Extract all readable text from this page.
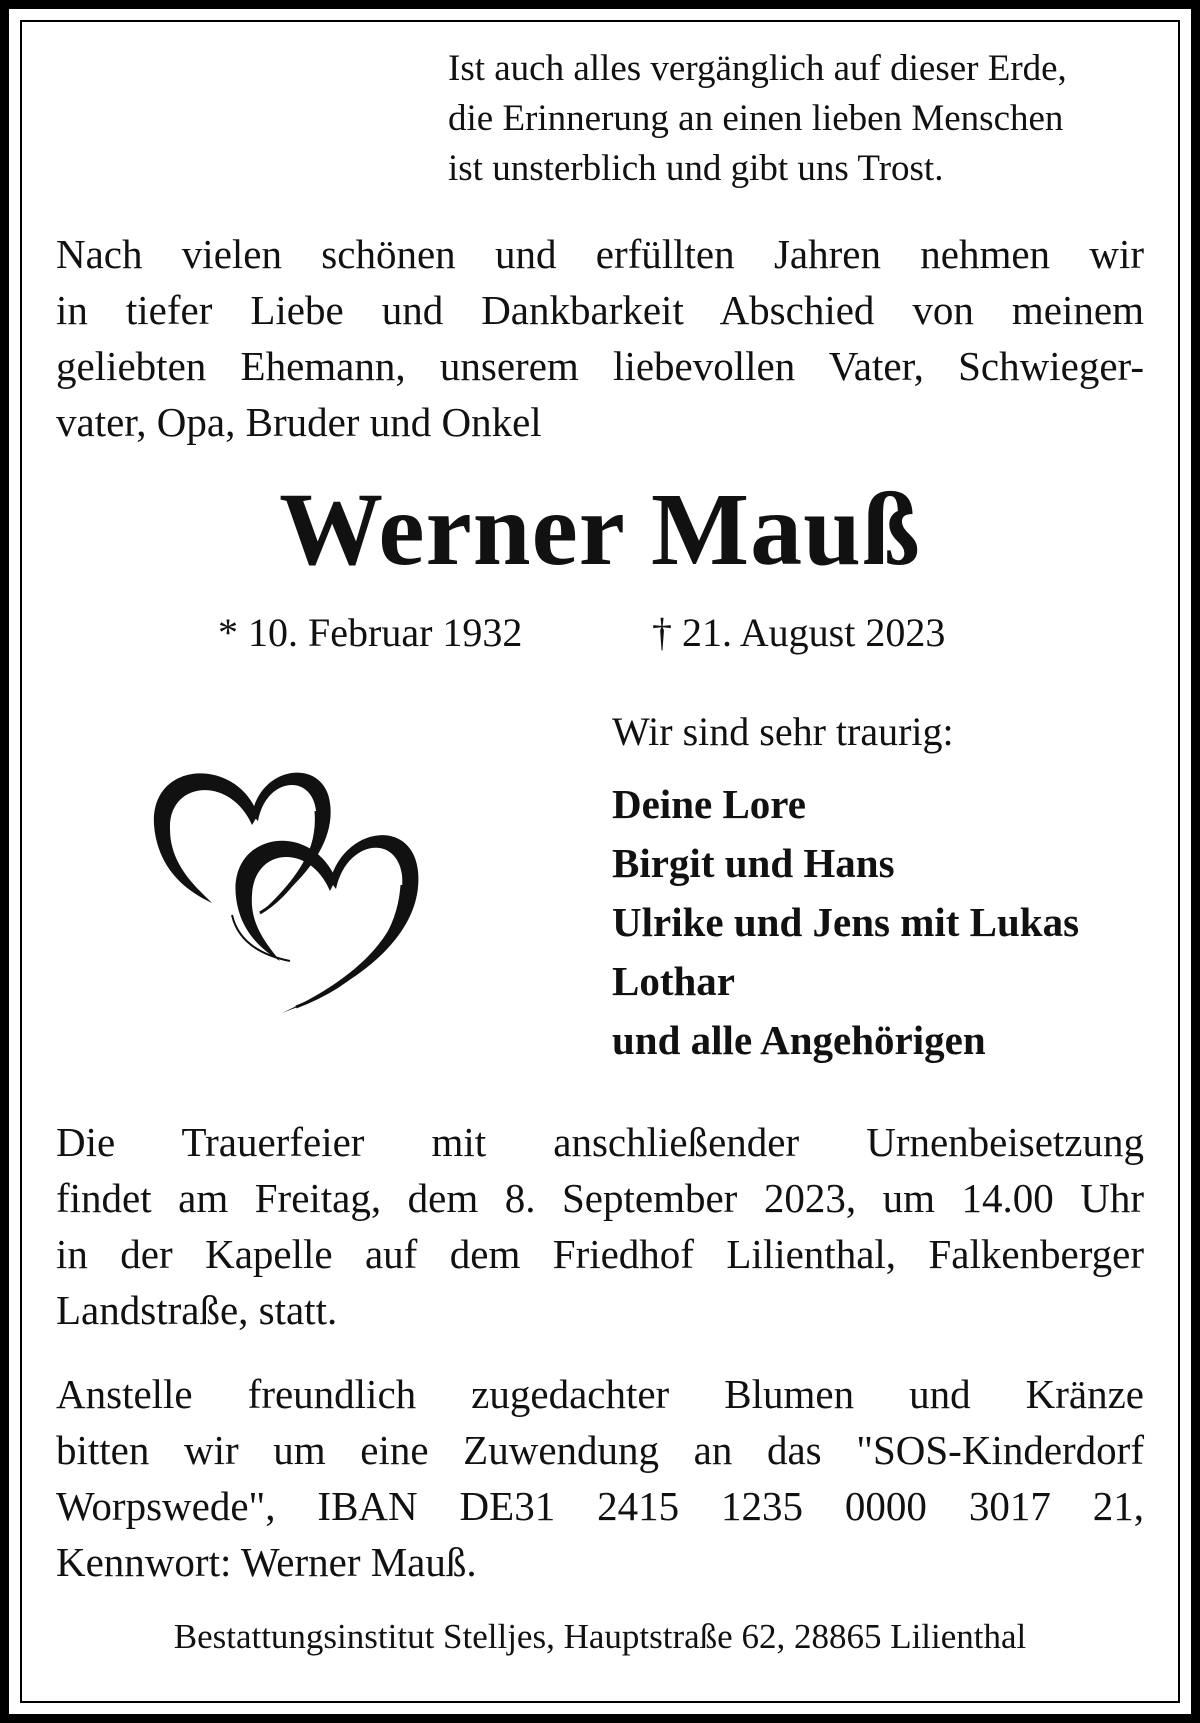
Ist auch alles vergänglich auf dieser Erde,
die Erinnerung an einen lieben Menschen
ist unsterblich und gibt uns Trost.
Nach vielen schönen und erfüllten Jahren nehmen wir
in tiefer Liebe und Dankbarkeit Abschied von meinem
geliebten Ehemann, unserem liebevollen Vater, Schwieger-
vater, Opa, Bruder und Onkel
Werner Mauß
* 10. Februar 1932	† 21. August 2023
Wir sind sehr traurig:
Deine Lore
Birgit und Hans
Ulrike und Jens mit Lukas
Lothar
und alle Angehörigen
Die Trauerfeier mit anschließender Urnenbeisetzung
findet am Freitag, dem 8. September 2023, um 14.00 Uhr
in der Kapelle auf dem Friedhof Lilienthal, Falkenberger
Landstraße, statt.
Anstelle freundlich zugedachter Blumen und Kränze
bitten wir um eine Zuwendung an das "SOS-Kinderdorf
Worpswede", IBAN DE31 2415 1235 0000 3017 21,
Kennwort: Werner Mauß.
Bestattungsinstitut Stelljes, Hauptstraße 62, 28865 Lilienthal
